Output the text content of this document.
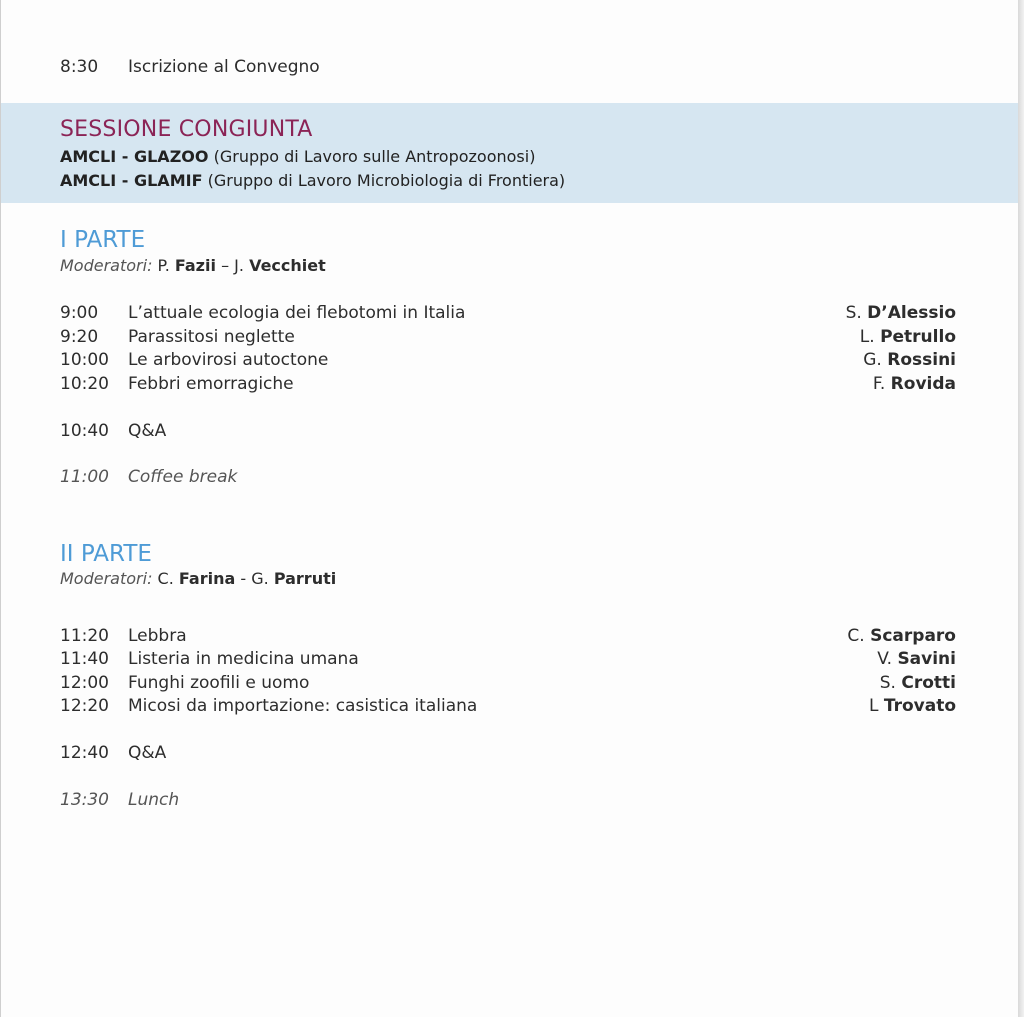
8:30 Iscrizione al Convegno
SESSIONE CONGIUNTA
AMCLI - GLAZOO (Gruppo di Lavoro sulle Antropozoonosi)
AMCLI - GLAMIF (Gruppo di Lavoro Microbiologia di Frontiera)
I PARTE
Moderatori: P. Fazii – J. Vecchiet
9:00 L’attuale ecologia dei flebotomi in Italia	S. D’Alessio
9:20 Parassitosi neglette	L. Petrullo
10:00 Le arbovirosi autoctone	G. Rossini
10:20 Febbri emorragiche	F. Rovida
10:40 Q&A
11:00 Coffee break
II PARTE
Moderatori: C. Farina - G. Parruti
11:20 Lebbra	C. Scarparo
11:40 Listeria in medicina umana	V. Savini
12:00 Funghi zoofili e uomo	S. Crotti
12:20 Micosi da importazione: casistica italiana	L Trovato
12:40 Q&A
13:30 Lunch
